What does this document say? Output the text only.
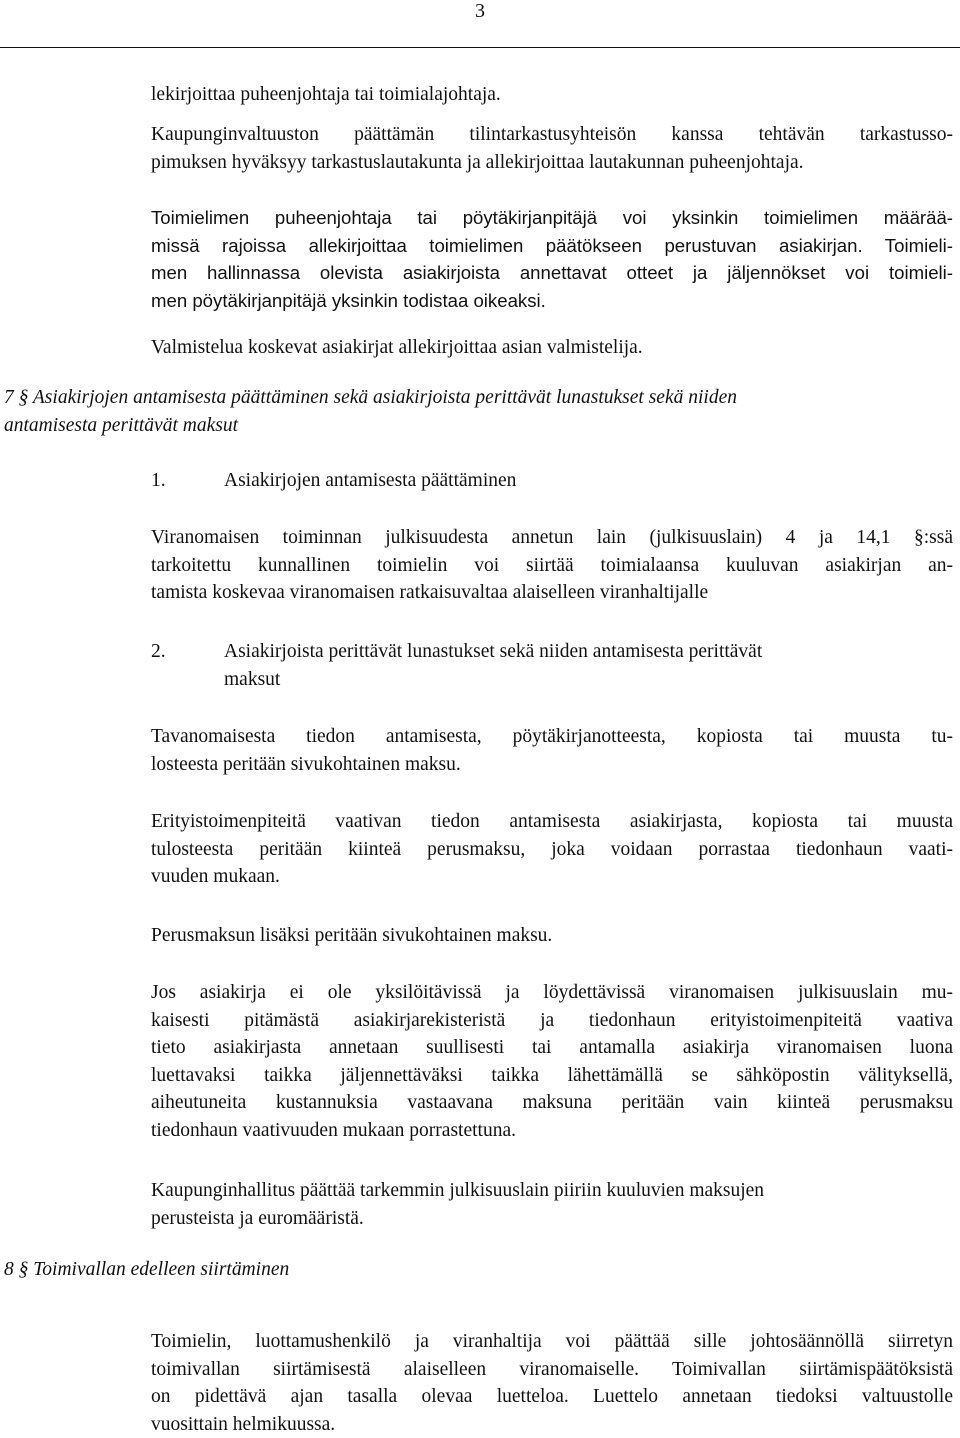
3
lekirjoittaa puheenjohtaja tai toimialajohtaja.
Kaupunginvaltuuston päättämän tilintarkastusyhteisön kanssa tehtävän tarkastusso-
pimuksen hyväksyy tarkastuslautakunta ja allekirjoittaa lautakunnan puheenjohtaja.
Toimielimen puheenjohtaja tai pöytäkirjanpitäjä voi yksinkin toimielimen määrää-
missä rajoissa allekirjoittaa toimielimen päätökseen perustuvan asiakirjan. Toimieli-
men hallinnassa olevista asiakirjoista annettavat otteet ja jäljennökset voi toimieli-
men pöytäkirjanpitäjä yksinkin todistaa oikeaksi.
Valmistelua koskevat asiakirjat allekirjoittaa asian valmistelija.
7 § Asiakirjojen antamisesta päättäminen sekä asiakirjoista perittävät lunastukset sekä niiden
antamisesta perittävät maksut
1.	Asiakirjojen antamisesta päättäminen
Viranomaisen toiminnan julkisuudesta annetun lain (julkisuuslain) 4 ja 14,1 §:ssä
tarkoitettu kunnallinen toimielin voi siirtää toimialaansa kuuluvan asiakirjan an-
tamista koskevaa viranomaisen ratkaisuvaltaa alaiselleen viranhaltijalle
2.	Asiakirjoista perittävät lunastukset sekä niiden antamisesta perittävät
maksut
Tavanomaisesta tiedon antamisesta, pöytäkirjanotteesta, kopiosta tai muusta tu-
losteesta peritään sivukohtainen maksu.
Erityistoimenpiteitä vaativan tiedon antamisesta asiakirjasta, kopiosta tai muusta
tulosteesta peritään kiinteä perusmaksu, joka voidaan porrastaa tiedonhaun vaati-
vuuden mukaan.
Perusmaksun lisäksi peritään sivukohtainen maksu.
Jos asiakirja ei ole yksilöitävissä ja löydettävissä viranomaisen julkisuuslain mu-
kaisesti pitämästä asiakirjarekisteristä ja tiedonhaun erityistoimenpiteitä vaativa
tieto asiakirjasta annetaan suullisesti tai antamalla asiakirja viranomaisen luona
luettavaksi taikka jäljennettäväksi taikka lähettämällä se sähköpostin välityksellä,
aiheutuneita kustannuksia vastaavana maksuna peritään vain kiinteä perusmaksu
tiedonhaun vaativuuden mukaan porrastettuna.
Kaupunginhallitus päättää tarkemmin julkisuuslain piiriin kuuluvien maksujen
perusteista ja euromääristä.
8 § Toimivallan edelleen siirtäminen
Toimielin, luottamushenkilö ja viranhaltija voi päättää sille johtosäännöllä siirretyn
toimivallan siirtämisestä alaiselleen viranomaiselle. Toimivallan siirtämispäätöksistä
on pidettävä ajan tasalla olevaa luetteloa. Luettelo annetaan tiedoksi valtuustolle
vuosittain helmikuussa.
